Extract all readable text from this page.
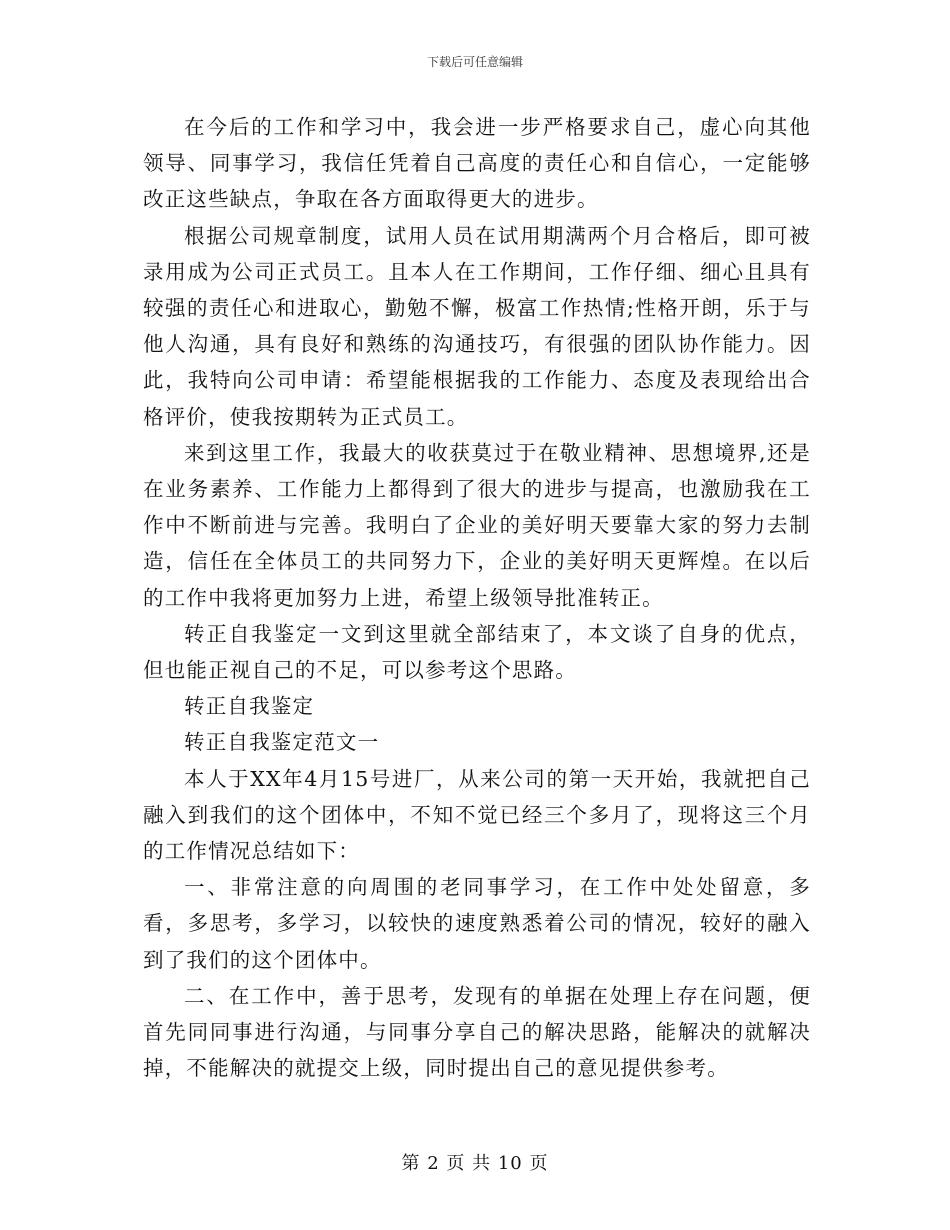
下载后可任意编辑

在今后的工作和学习中，我会进一步严格要求自己，虚心向其他领导、同事学习，我信任凭着自己高度的责任心和自信心，一定能够改正这些缺点，争取在各方面取得更大的进步。

根据公司规章制度，试用人员在试用期满两个月合格后，即可被录用成为公司正式员工。且本人在工作期间，工作仔细、细心且具有较强的责任心和进取心，勤勉不懈，极富工作热情;性格开朗，乐于与他人沟通，具有良好和熟练的沟通技巧，有很强的团队协作能力。因此，我特向公司申请：希望能根据我的工作能力、态度及表现给出合格评价，使我按期转为正式员工。

来到这里工作，我最大的收获莫过于在敬业精神、思想境界,还是在业务素养、工作能力上都得到了很大的进步与提高，也激励我在工作中不断前进与完善。我明白了企业的美好明天要靠大家的努力去制造，信任在全体员工的共同努力下，企业的美好明天更辉煌。在以后的工作中我将更加努力上进，希望上级领导批准转正。

转正自我鉴定一文到这里就全部结束了，本文谈了自身的优点，但也能正视自己的不足，可以参考这个思路。

转正自我鉴定

转正自我鉴定范文一

本人于XX年4月15号进厂，从来公司的第一天开始，我就把自己融入到我们的这个团体中，不知不觉已经三个多月了，现将这三个月的工作情况总结如下：

一、非常注意的向周围的老同事学习，在工作中处处留意，多看，多思考，多学习，以较快的速度熟悉着公司的情况，较好的融入到了我们的这个团体中。

二、在工作中，善于思考，发现有的单据在处理上存在问题，便首先同同事进行沟通，与同事分享自己的解决思路，能解决的就解决掉，不能解决的就提交上级，同时提出自己的意见提供参考。

第 2 页 共 10 页
